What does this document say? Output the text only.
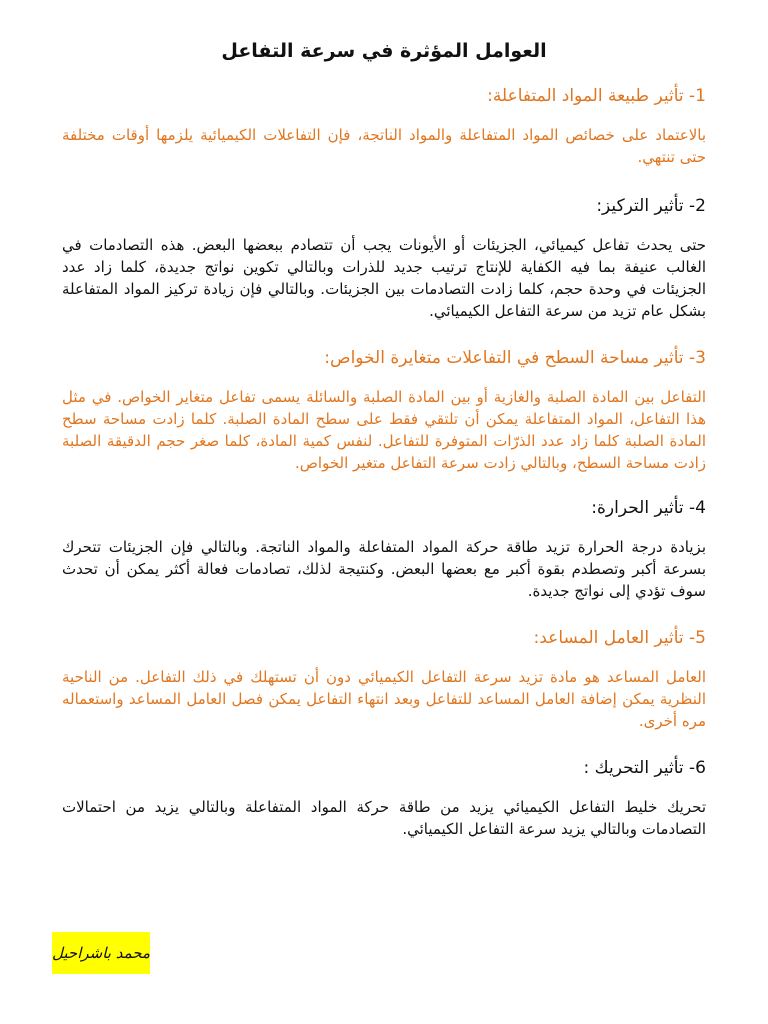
العوامل المؤثرة في سرعة التفاعل

1- تأثير طبيعة المواد المتفاعلة:

بالاعتماد على خصائص المواد المتفاعلة والمواد الناتجة، فإن التفاعلات الكيميائية يلزمها أوقات مختلفة حتى تنتهي.

2- تأثير التركيز:

حتى يحدث تفاعل كيميائي، الجزيئات أو الأيونات يجب أن تتصادم ببعضها البعض. هذه التصادمات في الغالب عنيفة بما فيه الكفاية للإنتاج ترتيب جديد للذرات وبالتالي تكوين نواتج جديدة، كلما زاد عدد الجزيئات في وحدة حجم، كلما زادت التصادمات بين الجزيئات. وبالتالي فإن زيادة تركيز المواد المتفاعلة بشكل عام تزيد من سرعة التفاعل الكيميائي.

3- تأثير مساحة السطح في التفاعلات متغايرة الخواص:

التفاعل بين المادة الصلبة والغازية أو بين المادة الصلبة والسائلة يسمى تفاعل متغاير الخواص. في مثل هذا التفاعل، المواد المتفاعلة يمكن أن تلتقي فقط على سطح المادة الصلبة. كلما زادت مساحة سطح المادة الصلبة كلما زاد عدد الذرّات المتوفرة للتفاعل. لنفس كمية المادة، كلما صغر حجم الدقيقة الصلبة زادت مساحة السطح، وبالتالي زادت سرعة التفاعل متغير الخواص.

4- تأثير الحرارة:

بزيادة درجة الحرارة تزيد طاقة حركة المواد المتفاعلة والمواد الناتجة. وبالتالي فإن الجزيئات تتحرك بسرعة أكبر وتصطدم بقوة أكبر مع بعضها البعض. وكنتيجة لذلك، تصادمات فعالة أكثر يمكن أن تحدث سوف تؤدي إلى نواتج جديدة.

5- تأثير العامل المساعد:

العامل المساعد هو مادة تزيد سرعة التفاعل الكيميائي دون أن تستهلك في ذلك التفاعل. من الناحية النظرية يمكن إضافة العامل المساعد للتفاعل وبعد انتهاء التفاعل يمكن فصل العامل المساعد واستعماله مره أخرى.

6- تأثير التحريك :

تحريك خليط التفاعل الكيميائي يزيد من طاقة حركة المواد المتفاعلة وبالتالي يزيد من احتمالات التصادمات وبالتالي يزيد سرعة التفاعل الكيميائي.

محمد باشراحيل
